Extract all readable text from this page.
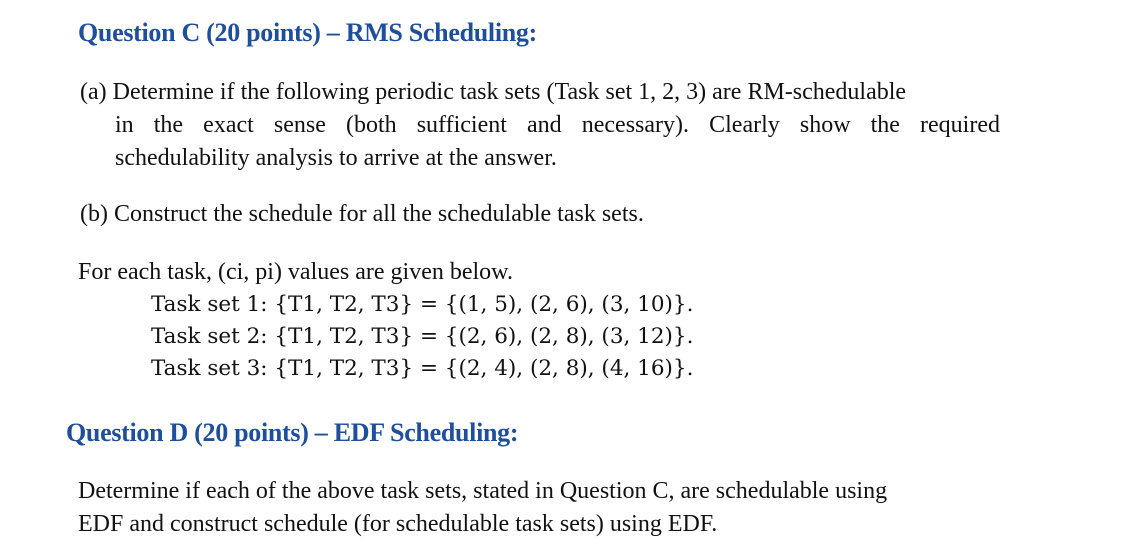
Question C (20 points) – RMS Scheduling:

(a) Determine if the following periodic task sets (Task set 1, 2, 3) are RM-schedulable
in the exact sense (both sufficient and necessary). Clearly show the required
schedulability analysis to arrive at the answer.

(b) Construct the schedule for all the schedulable task sets.

For each task, (ci, pi) values are given below.

Task set 1: {T1, T2, T3} = {(1, 5), (2, 6), (3, 10)}.

Task set 2: {T1, T2, T3} = {(2, 6), (2, 8), (3, 12)}.

Task set 3: {T1, T2, T3} = {(2, 4), (2, 8), (4, 16)}.

Question D (20 points) – EDF Scheduling:

Determine if each of the above task sets, stated in Question C, are schedulable using
EDF and construct schedule (for schedulable task sets) using EDF.
